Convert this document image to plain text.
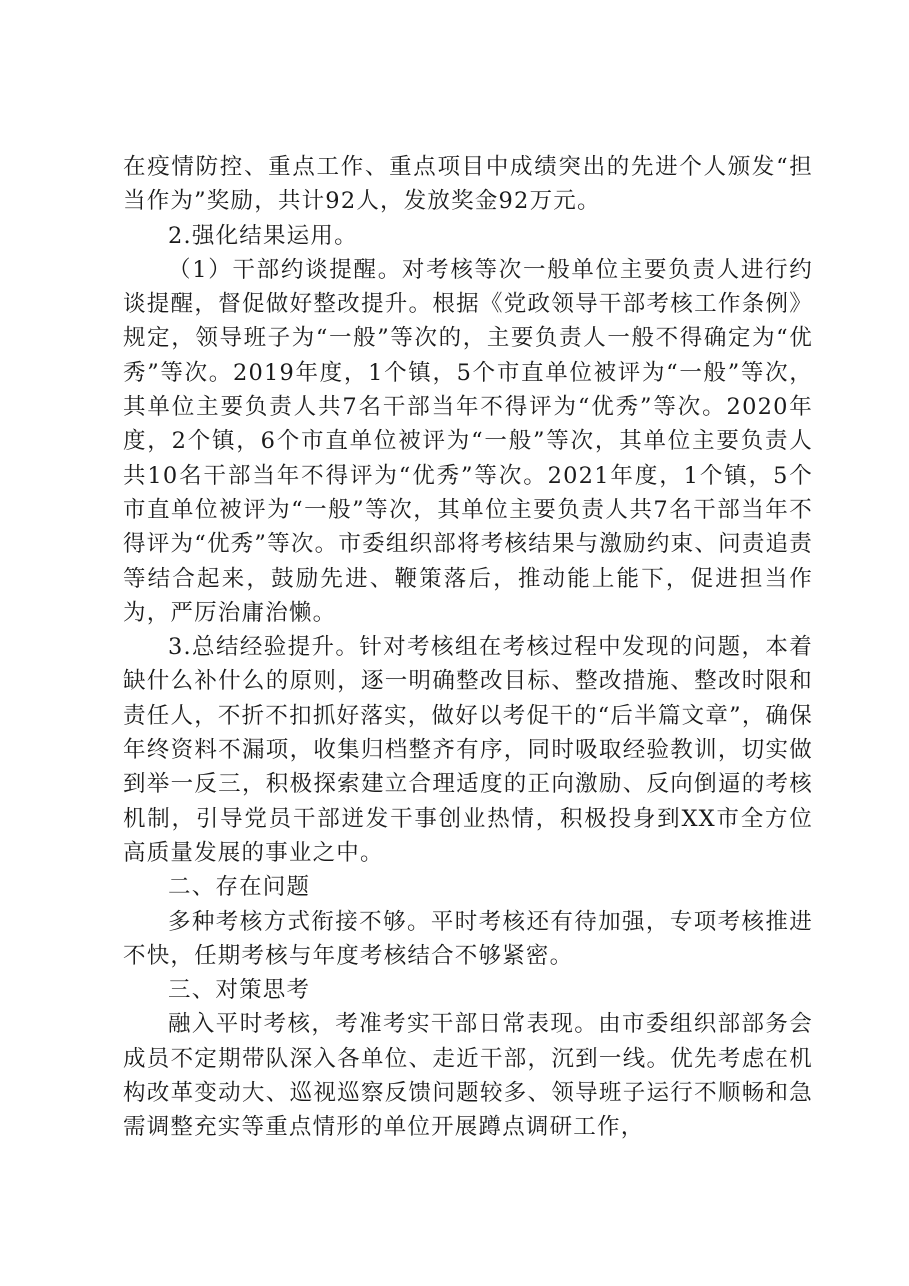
在疫情防控、重点工作、重点项目中成绩突出的先进个人颁发“担当作为”奖励，共计92人，发放奖金92万元。

2.强化结果运用。

（1）干部约谈提醒。对考核等次一般单位主要负责人进行约谈提醒，督促做好整改提升。根据《党政领导干部考核工作条例》规定，领导班子为“一般”等次的，主要负责人一般不得确定为“优秀”等次。2019年度，1个镇，5个市直单位被评为“一般”等次，其单位主要负责人共7名干部当年不得评为“优秀”等次。2020年度，2个镇，6个市直单位被评为“一般”等次，其单位主要负责人共10名干部当年不得评为“优秀”等次。2021年度，1个镇，5个市直单位被评为“一般”等次，其单位主要负责人共7名干部当年不得评为“优秀”等次。市委组织部将考核结果与激励约束、问责追责等结合起来，鼓励先进、鞭策落后，推动能上能下，促进担当作为，严厉治庸治懒。

3.总结经验提升。针对考核组在考核过程中发现的问题，本着缺什么补什么的原则，逐一明确整改目标、整改措施、整改时限和责任人，不折不扣抓好落实，做好以考促干的“后半篇文章”，确保年终资料不漏项，收集归档整齐有序，同时吸取经验教训，切实做到举一反三，积极探索建立合理适度的正向激励、反向倒逼的考核机制，引导党员干部迸发干事创业热情，积极投身到XX市全方位高质量发展的事业之中。

二、存在问题

多种考核方式衔接不够。平时考核还有待加强，专项考核推进不快，任期考核与年度考核结合不够紧密。

三、对策思考

融入平时考核，考准考实干部日常表现。由市委组织部部务会成员不定期带队深入各单位、走近干部，沉到一线。优先考虑在机构改革变动大、巡视巡察反馈问题较多、领导班子运行不顺畅和急需调整充实等重点情形的单位开展蹲点调研工作，
